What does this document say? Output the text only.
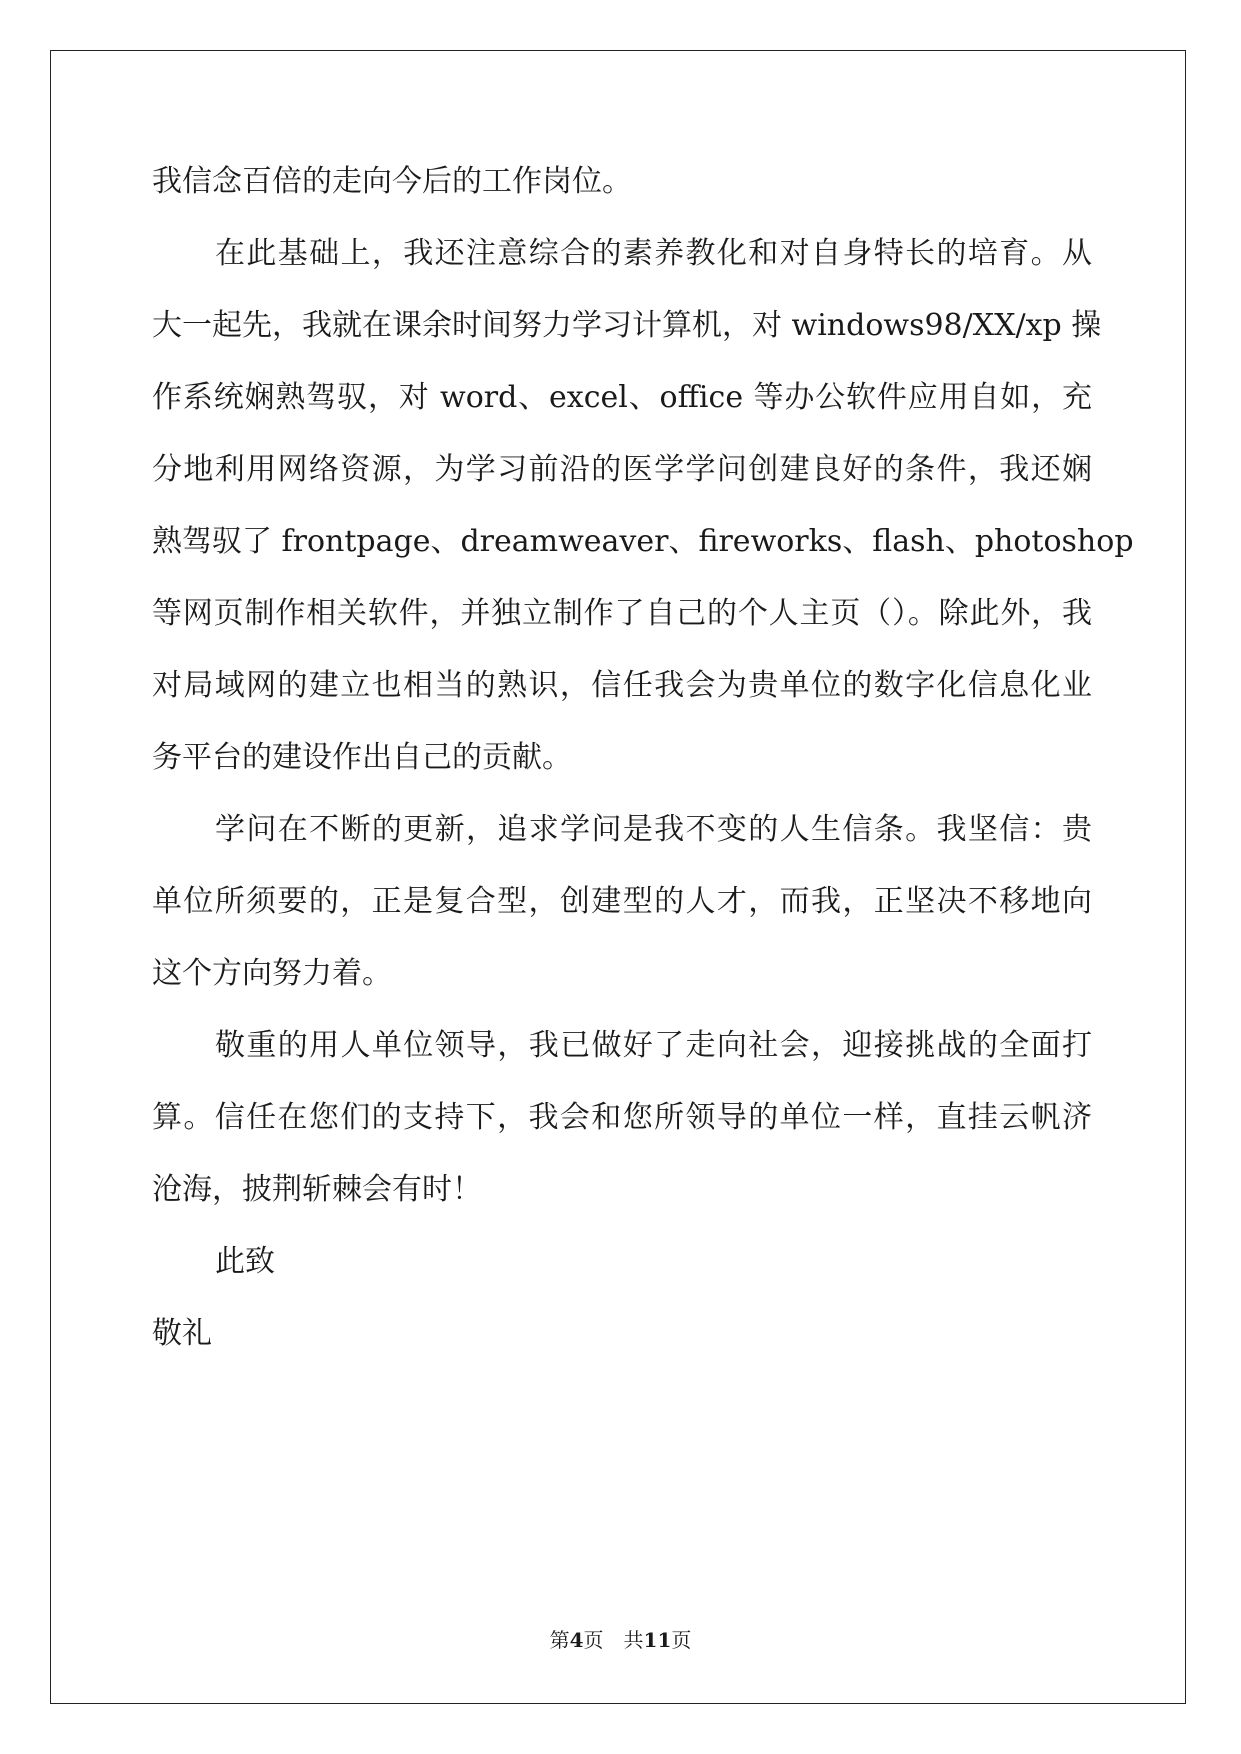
我信念百倍的走向今后的工作岗位。
在此基础上，我还注意综合的素养教化和对自身特长的培育。从
大一起先，我就在课余时间努力学习计算机，对 windows98/XX/xp 操
作系统娴熟驾驭，对 word、excel、office 等办公软件应用自如，充
分地利用网络资源，为学习前沿的医学学问创建良好的条件，我还娴
熟驾驭了 frontpage、dreamweaver、fireworks、flash、photoshop
等网页制作相关软件，并独立制作了自己的个人主页（）。除此外，我
对局域网的建立也相当的熟识，信任我会为贵单位的数字化信息化业
务平台的建设作出自己的贡献。
学问在不断的更新，追求学问是我不变的人生信条。我坚信：贵
单位所须要的，正是复合型，创建型的人才，而我，正坚决不移地向
这个方向努力着。
敬重的用人单位领导，我已做好了走向社会，迎接挑战的全面打
算。信任在您们的支持下，我会和您所领导的单位一样，直挂云帆济
沧海，披荆斩棘会有时！
此致
敬礼
第4页　共11页
